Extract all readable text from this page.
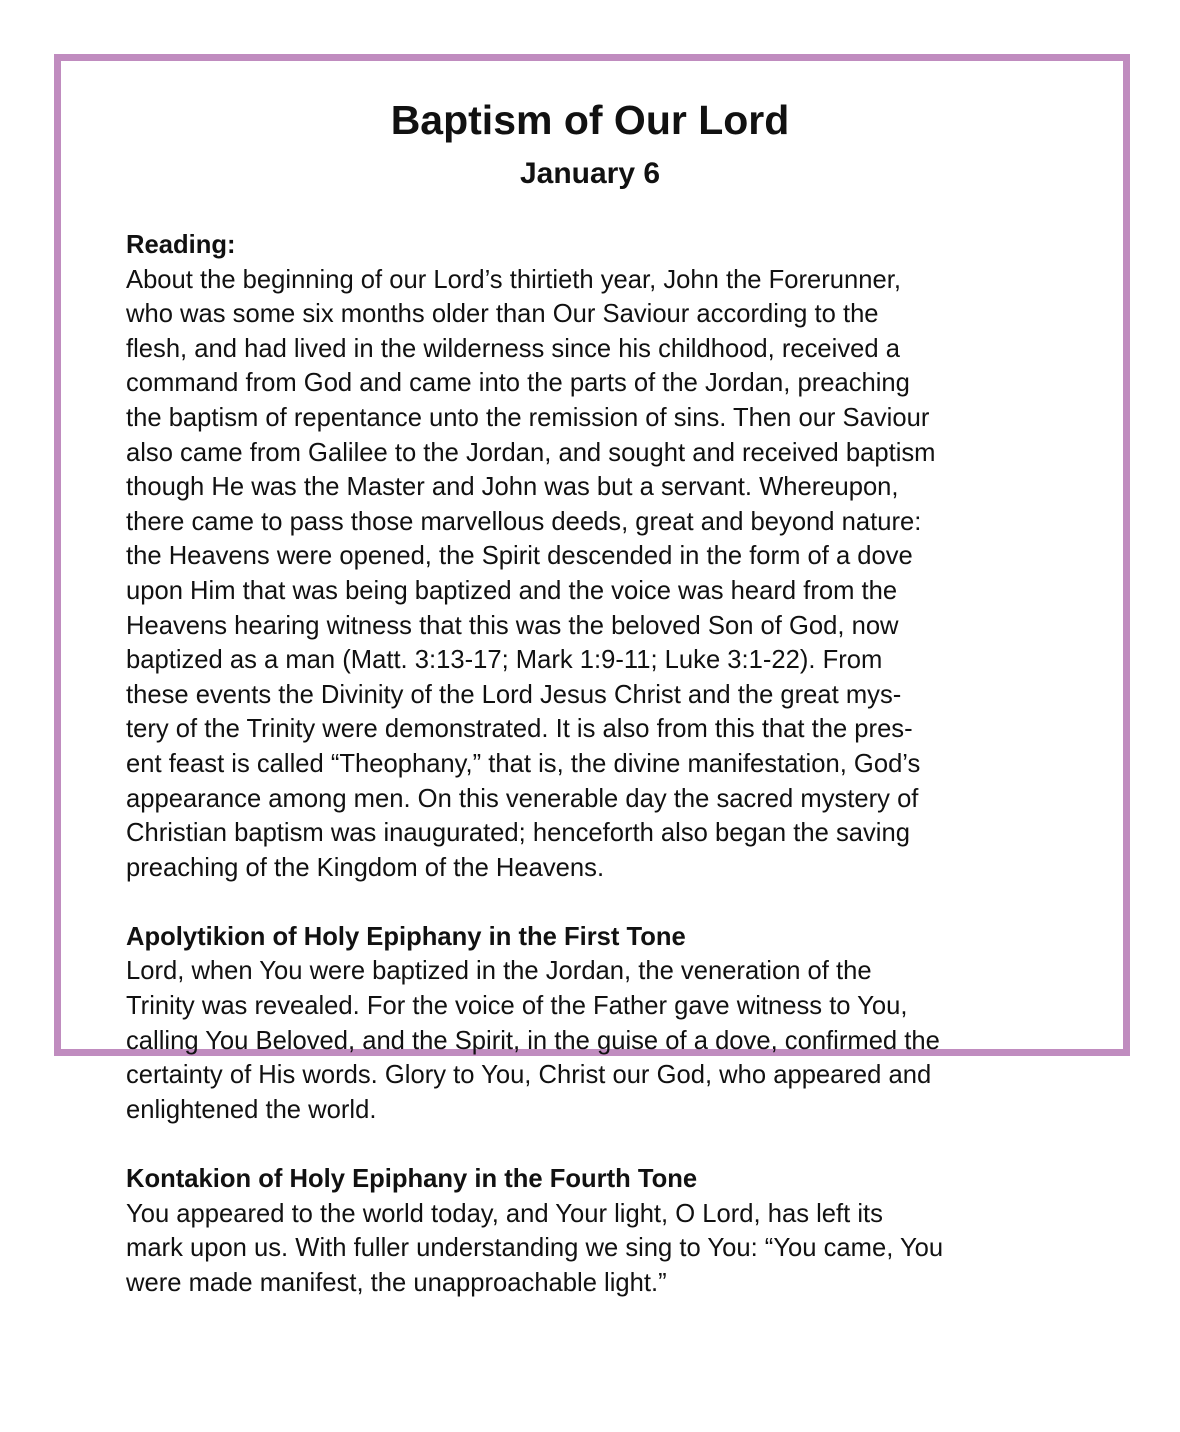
Baptism of Our Lord
January 6
Reading:
About the beginning of our Lord’s thirtieth year, John the Forerunner,
who was some six months older than Our Saviour according to the
flesh, and had lived in the wilderness since his childhood, received a
command from God and came into the parts of the Jordan, preaching
the baptism of repentance unto the remission of sins. Then our Saviour
also came from Galilee to the Jordan, and sought and received baptism
though He was the Master and John was but a servant. Whereupon,
there came to pass those marvellous deeds, great and beyond nature:
the Heavens were opened, the Spirit descended in the form of a dove
upon Him that was being baptized and the voice was heard from the
Heavens hearing witness that this was the beloved Son of God, now
baptized as a man (Matt. 3:13-17; Mark 1:9-11; Luke 3:1-22). From
these events the Divinity of the Lord Jesus Christ and the great mys-
tery of the Trinity were demonstrated. It is also from this that the pres-
ent feast is called “Theophany,” that is, the divine manifestation, God’s
appearance among men. On this venerable day the sacred mystery of
Christian baptism was inaugurated; henceforth also began the saving
preaching of the Kingdom of the Heavens.
Apolytikion of Holy Epiphany in the First Tone
Lord, when You were baptized in the Jordan, the veneration of the
Trinity was revealed. For the voice of the Father gave witness to You,
calling You Beloved, and the Spirit, in the guise of a dove, confirmed the
certainty of His words. Glory to You, Christ our God, who appeared and
enlightened the world.
Kontakion of Holy Epiphany in the Fourth Tone
You appeared to the world today, and Your light, O Lord, has left its
mark upon us. With fuller understanding we sing to You: “You came, You
were made manifest, the unapproachable light.”
